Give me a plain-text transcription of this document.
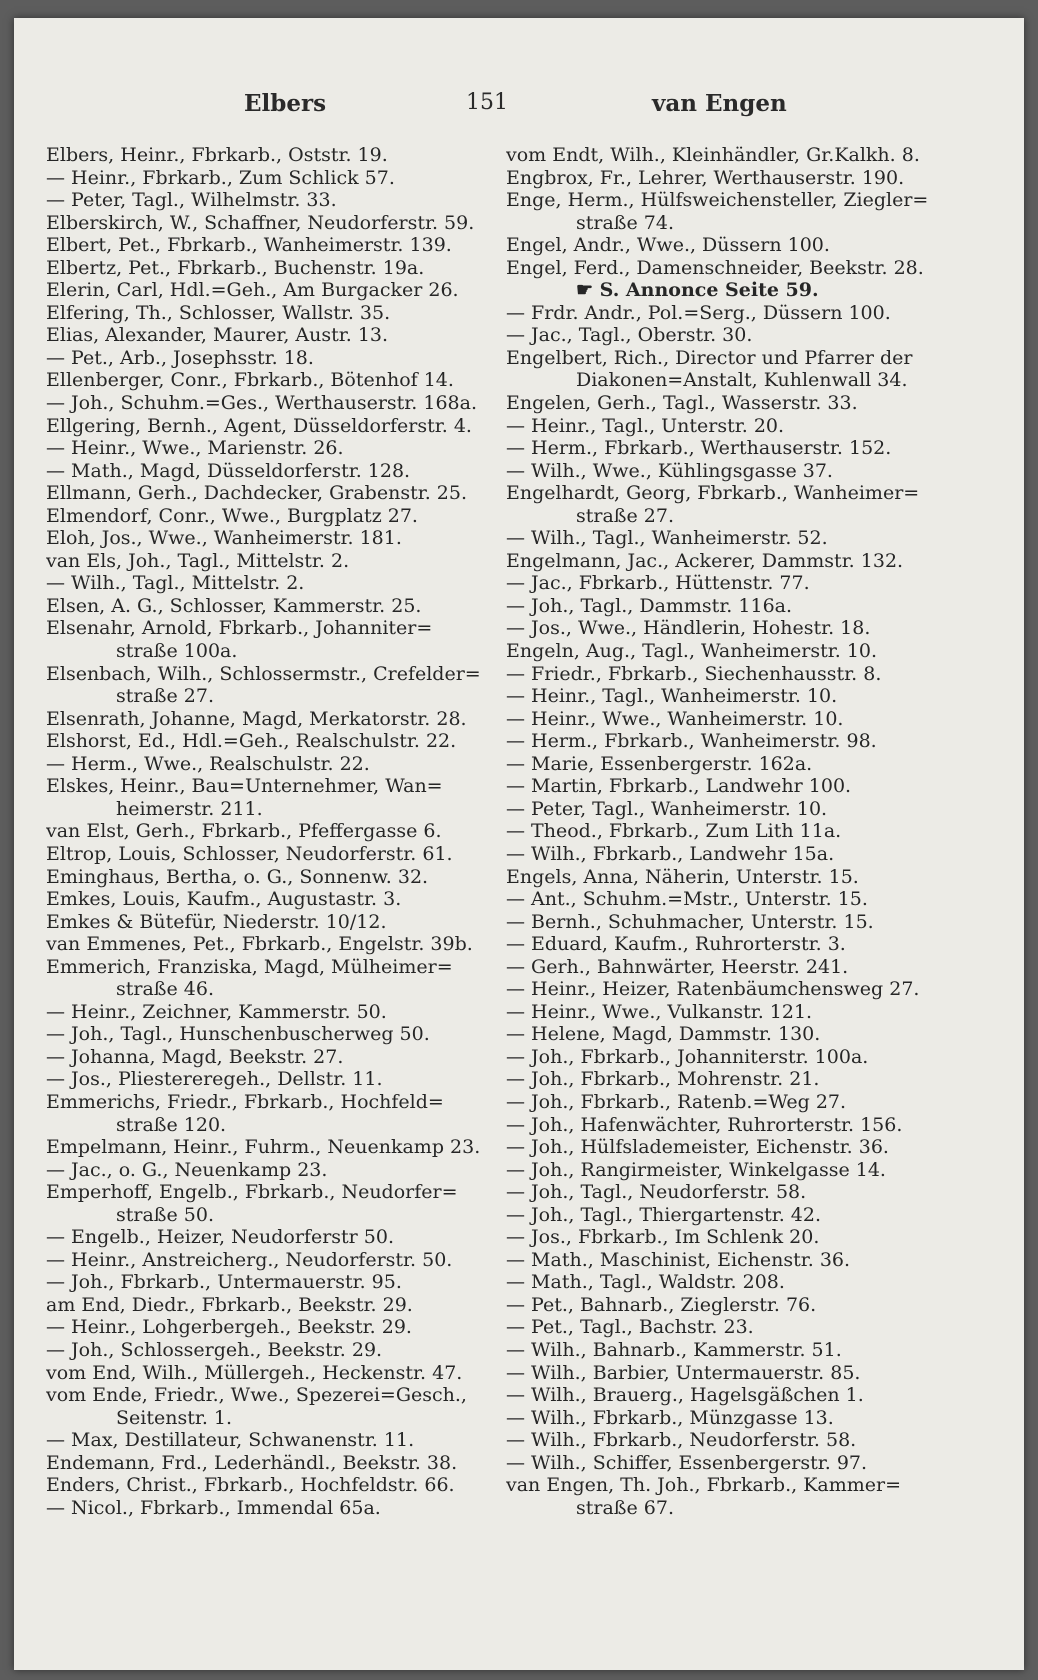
Elbers	151	van Engen
Elbers, Heinr., Fbrkarb., Oststr. 19.
— Heinr., Fbrkarb., Zum Schlick 57.
— Peter, Tagl., Wilhelmstr. 33.
Elberskirch, W., Schaffner, Neudorferstr. 59.
Elbert, Pet., Fbrkarb., Wanheimerstr. 139.
Elbertz, Pet., Fbrkarb., Buchenstr. 19a.
Elerin, Carl, Hdl.=Geh., Am Burgacker 26.
Elfering, Th., Schlosser, Wallstr. 35.
Elias, Alexander, Maurer, Austr. 13.
— Pet., Arb., Josephsstr. 18.
Ellenberger, Conr., Fbrkarb., Bötenhof 14.
— Joh., Schuhm.=Ges., Werthauserstr. 168a.
Ellgering, Bernh., Agent, Düsseldorferstr. 4.
— Heinr., Wwe., Marienstr. 26.
— Math., Magd, Düsseldorferstr. 128.
Ellmann, Gerh., Dachdecker, Grabenstr. 25.
Elmendorf, Conr., Wwe., Burgplatz 27.
Eloh, Jos., Wwe., Wanheimerstr. 181.
van Els, Joh., Tagl., Mittelstr. 2.
— Wilh., Tagl., Mittelstr. 2.
Elsen, A. G., Schlosser, Kammerstr. 25.
Elsenahr, Arnold, Fbrkarb., Johanniter=
straße 100a.
Elsenbach, Wilh., Schlossermstr., Crefelder=
straße 27.
Elsenrath, Johanne, Magd, Merkatorstr. 28.
Elshorst, Ed., Hdl.=Geh., Realschulstr. 22.
— Herm., Wwe., Realschulstr. 22.
Elskes, Heinr., Bau=Unternehmer, Wan=
heimerstr. 211.
van Elst, Gerh., Fbrkarb., Pfeffergasse 6.
Eltrop, Louis, Schlosser, Neudorferstr. 61.
Eminghaus, Bertha, o. G., Sonnenw. 32.
Emkes, Louis, Kaufm., Augustastr. 3.
Emkes & Bütefür, Niederstr. 10/12.
van Emmenes, Pet., Fbrkarb., Engelstr. 39b.
Emmerich, Franziska, Magd, Mülheimer=
straße 46.
— Heinr., Zeichner, Kammerstr. 50.
— Joh., Tagl., Hunschenbuscherweg 50.
— Johanna, Magd, Beekstr. 27.
— Jos., Pliestereregeh., Dellstr. 11.
Emmerichs, Friedr., Fbrkarb., Hochfeld=
straße 120.
Empelmann, Heinr., Fuhrm., Neuenkamp 23.
— Jac., o. G., Neuenkamp 23.
Emperhoff, Engelb., Fbrkarb., Neudorfer=
straße 50.
— Engelb., Heizer, Neudorferstr 50.
— Heinr., Anstreicherg., Neudorferstr. 50.
— Joh., Fbrkarb., Untermauerstr. 95.
am End, Diedr., Fbrkarb., Beekstr. 29.
— Heinr., Lohgerbergeh., Beekstr. 29.
— Joh., Schlossergeh., Beekstr. 29.
vom End, Wilh., Müllergeh., Heckenstr. 47.
vom Ende, Friedr., Wwe., Spezerei=Gesch.,
Seitenstr. 1.
— Max, Destillateur, Schwanenstr. 11.
Endemann, Frd., Lederhändl., Beekstr. 38.
Enders, Christ., Fbrkarb., Hochfeldstr. 66.
— Nicol., Fbrkarb., Immendal 65a.
vom Endt, Wilh., Kleinhändler, Gr.Kalkh. 8.
Engbrox, Fr., Lehrer, Werthauserstr. 190.
Enge, Herm., Hülfsweichensteller, Ziegler=
straße 74.
Engel, Andr., Wwe., Düssern 100.
Engel, Ferd., Damenschneider, Beekstr. 28.
☛ S. Annonce Seite 59.
— Frdr. Andr., Pol.=Serg., Düssern 100.
— Jac., Tagl., Oberstr. 30.
Engelbert, Rich., Director und Pfarrer der
Diakonen=Anstalt, Kuhlenwall 34.
Engelen, Gerh., Tagl., Wasserstr. 33.
— Heinr., Tagl., Unterstr. 20.
— Herm., Fbrkarb., Werthauserstr. 152.
— Wilh., Wwe., Kühlingsgasse 37.
Engelhardt, Georg, Fbrkarb., Wanheimer=
straße 27.
— Wilh., Tagl., Wanheimerstr. 52.
Engelmann, Jac., Ackerer, Dammstr. 132.
— Jac., Fbrkarb., Hüttenstr. 77.
— Joh., Tagl., Dammstr. 116a.
— Jos., Wwe., Händlerin, Hohestr. 18.
Engeln, Aug., Tagl., Wanheimerstr. 10.
— Friedr., Fbrkarb., Siechenhausstr. 8.
— Heinr., Tagl., Wanheimerstr. 10.
— Heinr., Wwe., Wanheimerstr. 10.
— Herm., Fbrkarb., Wanheimerstr. 98.
— Marie, Essenbergerstr. 162a.
— Martin, Fbrkarb., Landwehr 100.
— Peter, Tagl., Wanheimerstr. 10.
— Theod., Fbrkarb., Zum Lith 11a.
— Wilh., Fbrkarb., Landwehr 15a.
Engels, Anna, Näherin, Unterstr. 15.
— Ant., Schuhm.=Mstr., Unterstr. 15.
— Bernh., Schuhmacher, Unterstr. 15.
— Eduard, Kaufm., Ruhrorterstr. 3.
— Gerh., Bahnwärter, Heerstr. 241.
— Heinr., Heizer, Ratenbäumchensweg 27.
— Heinr., Wwe., Vulkanstr. 121.
— Helene, Magd, Dammstr. 130.
— Joh., Fbrkarb., Johanniterstr. 100a.
— Joh., Fbrkarb., Mohrenstr. 21.
— Joh., Fbrkarb., Ratenb.=Weg 27.
— Joh., Hafenwächter, Ruhrorterstr. 156.
— Joh., Hülfslademeister, Eichenstr. 36.
— Joh., Rangirmeister, Winkelgasse 14.
— Joh., Tagl., Neudorferstr. 58.
— Joh., Tagl., Thiergartenstr. 42.
— Jos., Fbrkarb., Im Schlenk 20.
— Math., Maschinist, Eichenstr. 36.
— Math., Tagl., Waldstr. 208.
— Pet., Bahnarb., Zieglerstr. 76.
— Pet., Tagl., Bachstr. 23.
— Wilh., Bahnarb., Kammerstr. 51.
— Wilh., Barbier, Untermauerstr. 85.
— Wilh., Brauerg., Hagelsgäßchen 1.
— Wilh., Fbrkarb., Münzgasse 13.
— Wilh., Fbrkarb., Neudorferstr. 58.
— Wilh., Schiffer, Essenbergerstr. 97.
van Engen, Th. Joh., Fbrkarb., Kammer=
straße 67.
